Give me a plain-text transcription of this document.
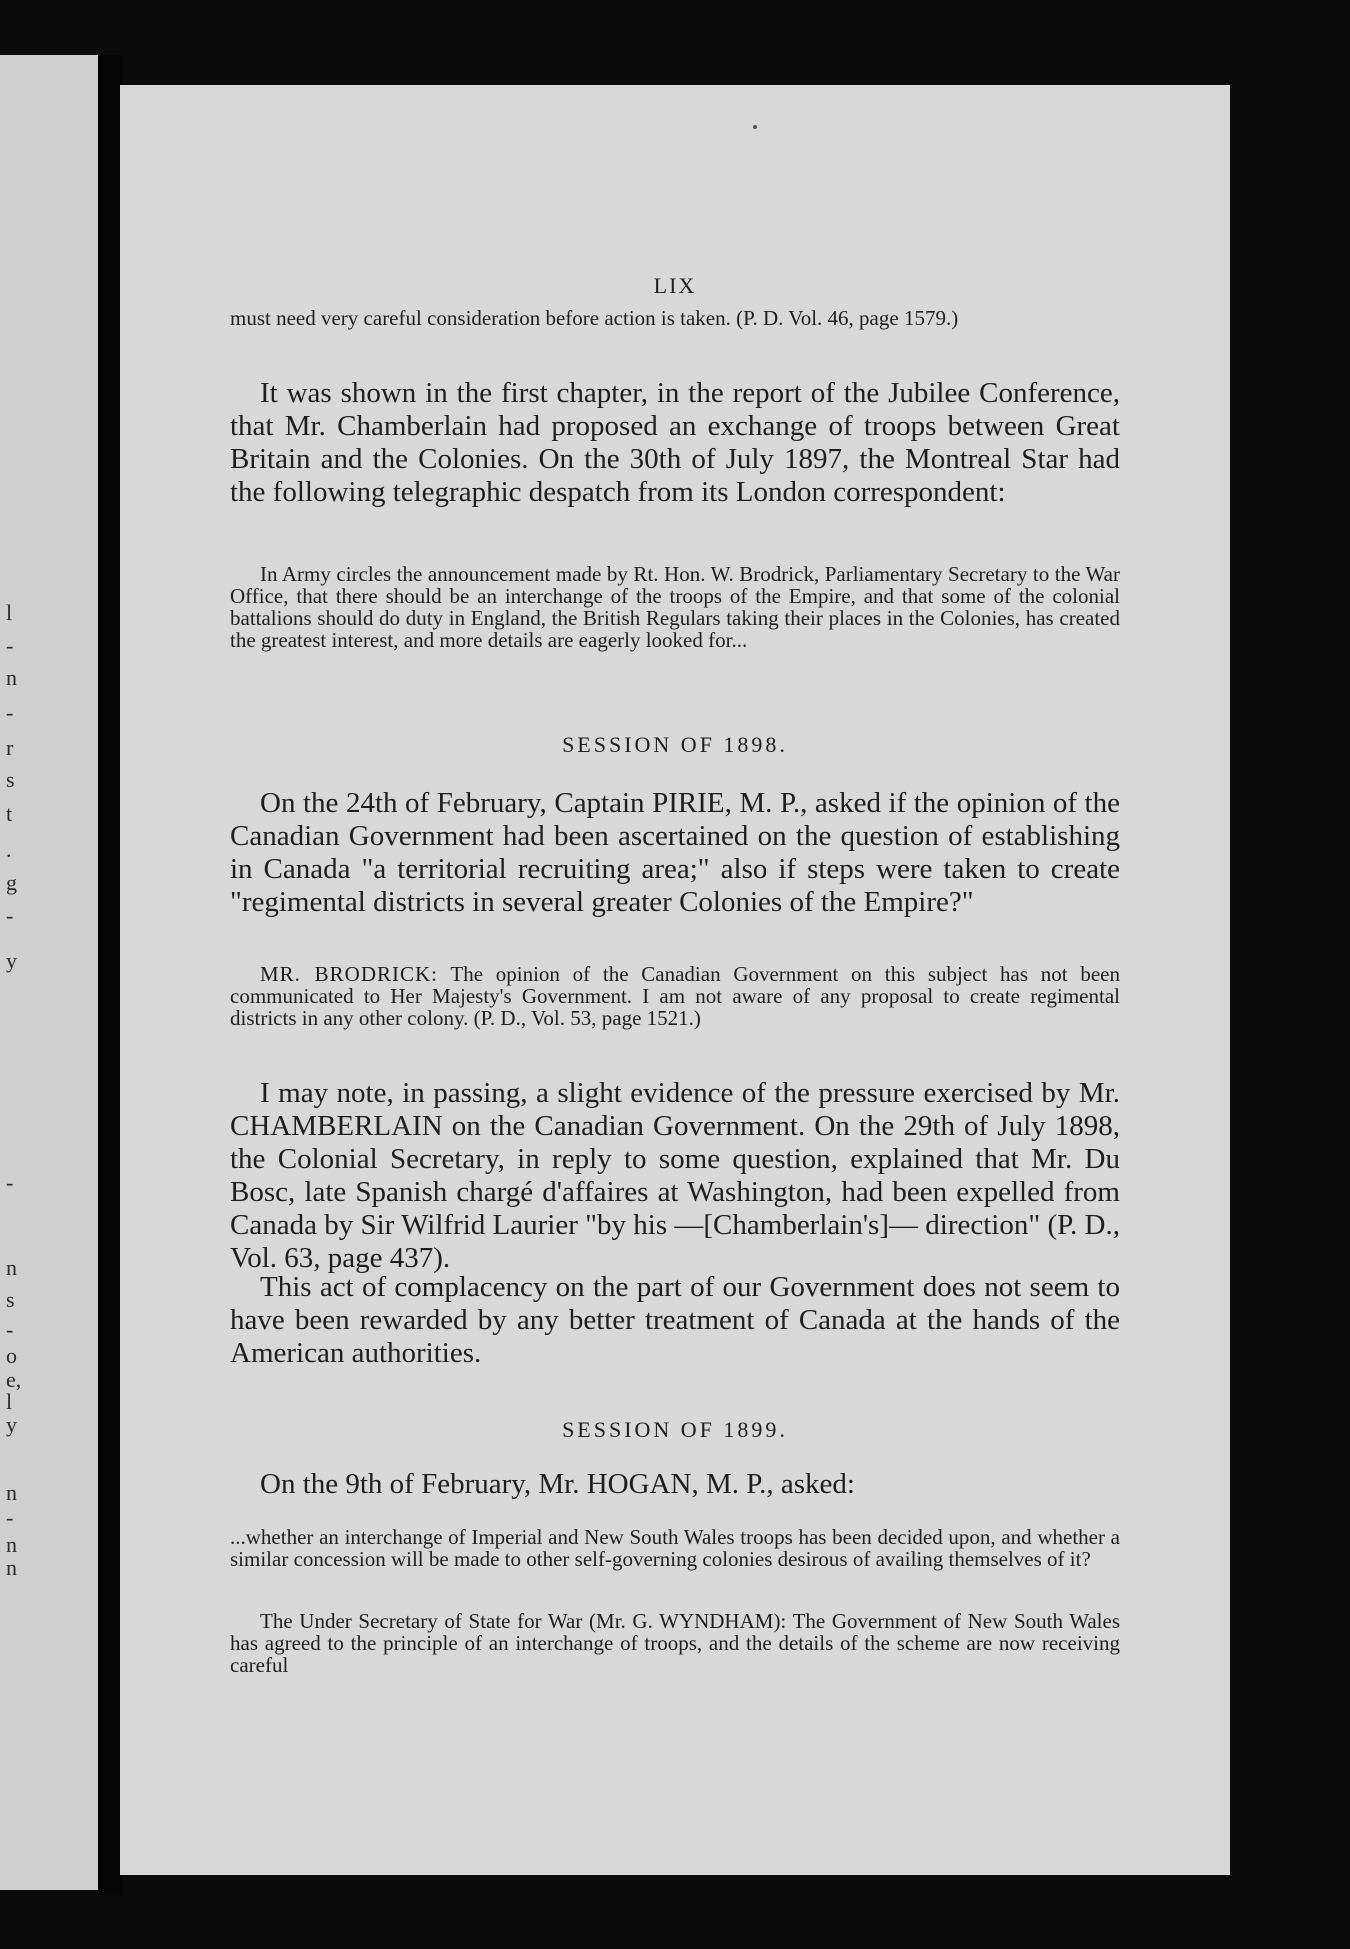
l
-
n
-
r
s
t
.
g
-
y
-
n
s
-
o
e,
l
y
n
-
n
n
LIX

must need very careful consideration before action is taken. (P. D. Vol. 46, page 1579.)

It was shown in the first chapter, in the report of the Jubilee Conference, that Mr. Chamberlain had proposed an exchange of troops between Great Britain and the Colonies. On the 30th of July 1897, the Montreal Star had the following telegraphic despatch from its London correspondent:

In Army circles the announcement made by Rt. Hon. W. Brodrick, Parliamentary Secretary to the War Office, that there should be an interchange of the troops of the Empire, and that some of the colonial battalions should do duty in England, the British Regulars taking their places in the Colonies, has created the greatest interest, and more details are eagerly looked for...

SESSION OF 1898.

On the 24th of February, Captain PIRIE, M. P., asked if the opinion of the Canadian Government had been ascertained on the question of establishing in Canada "a territorial recruiting area;" also if steps were taken to create "regimental districts in several greater Colonies of the Empire?"

MR. BRODRICK: The opinion of the Canadian Government on this subject has not been communicated to Her Majesty's Government. I am not aware of any proposal to create regimental districts in any other colony. (P. D., Vol. 53, page 1521.)

I may note, in passing, a slight evidence of the pressure exercised by Mr. CHAMBERLAIN on the Canadian Government. On the 29th of July 1898, the Colonial Secretary, in reply to some question, explained that Mr. Du Bosc, late Spanish chargé d'affaires at Washington, had been expelled from Canada by Sir Wilfrid Laurier "by his —[Chamberlain's]— direction" (P. D., Vol. 63, page 437).

This act of complacency on the part of our Government does not seem to have been rewarded by any better treatment of Canada at the hands of the American authorities.

SESSION OF 1899.

On the 9th of February, Mr. HOGAN, M. P., asked:

...whether an interchange of Imperial and New South Wales troops has been decided upon, and whether a similar concession will be made to other self-governing colonies desirous of availing themselves of it?

The Under Secretary of State for War (Mr. G. WYNDHAM): The Government of New South Wales has agreed to the principle of an interchange of troops, and the details of the scheme are now receiving careful
